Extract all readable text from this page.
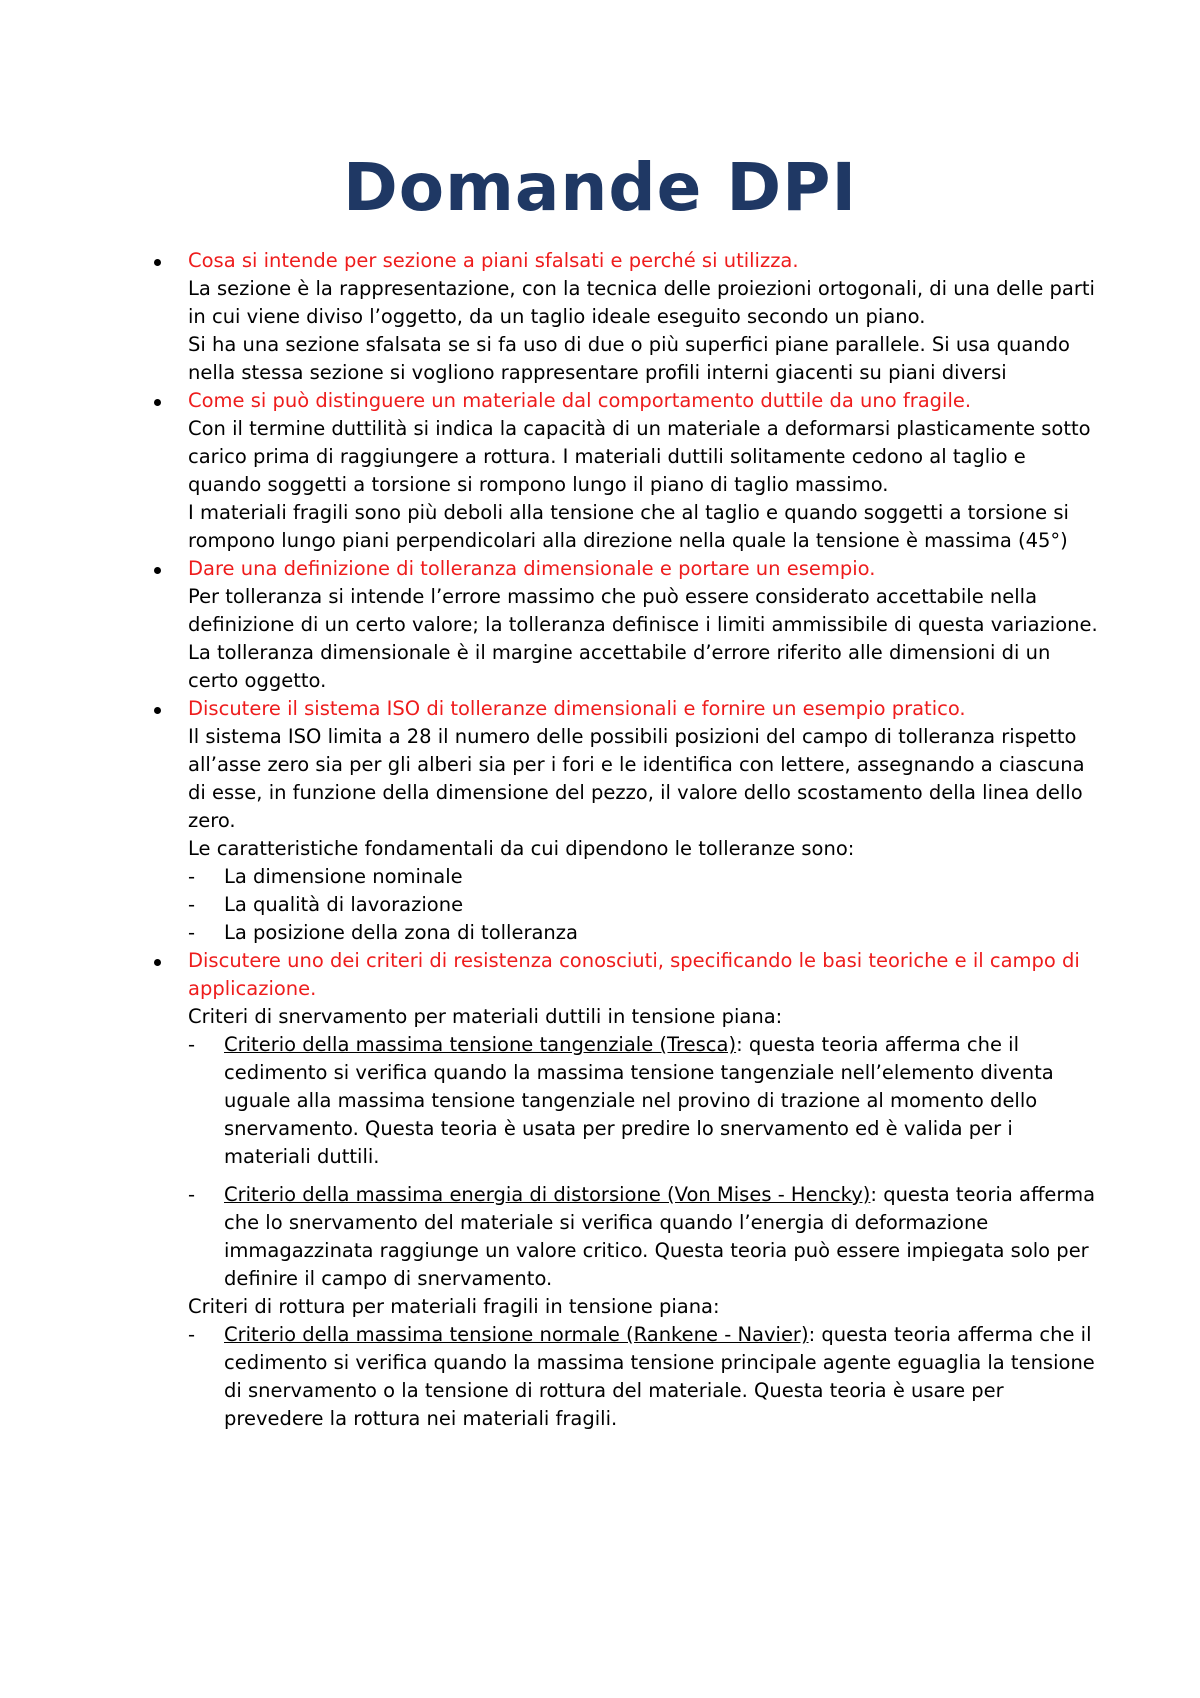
Domande DPI
Cosa si intende per sezione a piani sfalsati e perché si utilizza.

La sezione è la rappresentazione, con la tecnica delle proiezioni ortogonali, di una delle parti in cui viene diviso l’oggetto, da un taglio ideale eseguito secondo un piano.

Si ha una sezione sfalsata se si fa uso di due o più superfici piane parallele. Si usa quando nella stessa sezione si vogliono rappresentare profili interni giacenti su piani diversi

Come si può distinguere un materiale dal comportamento duttile da uno fragile.

Con il termine duttilità si indica la capacità di un materiale a deformarsi plasticamente sotto carico prima di raggiungere a rottura. I materiali duttili solitamente cedono al taglio e quando soggetti a torsione si rompono lungo il piano di taglio massimo.

I materiali fragili sono più deboli alla tensione che al taglio e quando soggetti a torsione si rompono lungo piani perpendicolari alla direzione nella quale la tensione è massima (45°)

Dare una definizione di tolleranza dimensionale e portare un esempio.

Per tolleranza si intende l’errore massimo che può essere considerato accettabile nella definizione di un certo valore; la tolleranza definisce i limiti ammissibile di questa variazione. La tolleranza dimensionale è il margine accettabile d’errore riferito alle dimensioni di un certo oggetto.

Discutere il sistema ISO di tolleranze dimensionali e fornire un esempio pratico.

Il sistema ISO limita a 28 il numero delle possibili posizioni del campo di tolleranza rispetto all’asse zero sia per gli alberi sia per i fori e le identifica con lettere, assegnando a ciascuna di esse, in funzione della dimensione del pezzo, il valore dello scostamento della linea dello zero.

Le caratteristiche fondamentali da cui dipendono le tolleranze sono:

- La dimensione nominale
- La qualità di lavorazione
- La posizione della zona di tolleranza
Discutere uno dei criteri di resistenza conosciuti, specificando le basi teoriche e il campo di applicazione.

Criteri di snervamento per materiali duttili in tensione piana:

- Criterio della massima tensione tangenziale (Tresca): questa teoria afferma che il cedimento si verifica quando la massima tensione tangenziale nell’elemento diventa uguale alla massima tensione tangenziale nel provino di trazione al momento dello snervamento. Questa teoria è usata per predire lo snervamento ed è valida per i materiali duttili.
- Criterio della massima energia di distorsione (Von Mises - Hencky): questa teoria afferma che lo snervamento del materiale si verifica quando l’energia di deformazione immagazzinata raggiunge un valore critico. Questa teoria può essere impiegata solo per definire il campo di snervamento.

Criteri di rottura per materiali fragili in tensione piana:

- Criterio della massima tensione normale (Rankene - Navier): questa teoria afferma che il cedimento si verifica quando la massima tensione principale agente eguaglia la tensione di snervamento o la tensione di rottura del materiale. Questa teoria è usare per prevedere la rottura nei materiali fragili.
